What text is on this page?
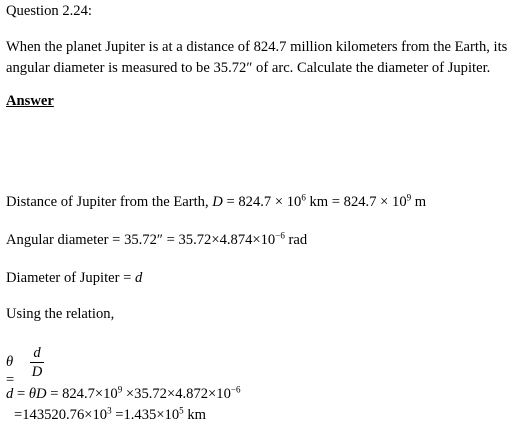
Question 2.24:
When the planet Jupiter is at a distance of 824.7 million kilometers from the Earth, its angular diameter is measured to be 35.72″ of arc. Calculate the diameter of Jupiter.
Answer
Distance of Jupiter from the Earth, $D = 824.7 \times 10^6$ km = $824.7 \times 10^9$ m
Angular diameter = $35.72'' = 35.72\times 4.874\times 10^{-6}$ rad
Diameter of Jupiter = d
Using the relation,
θ =
d
D
$d = \theta D = 824.7\times 10^9 \times 35.72\times 4.872\times 10^{-6}$
$=143520.76\times 10^3 =1.435\times 10^5$ km
